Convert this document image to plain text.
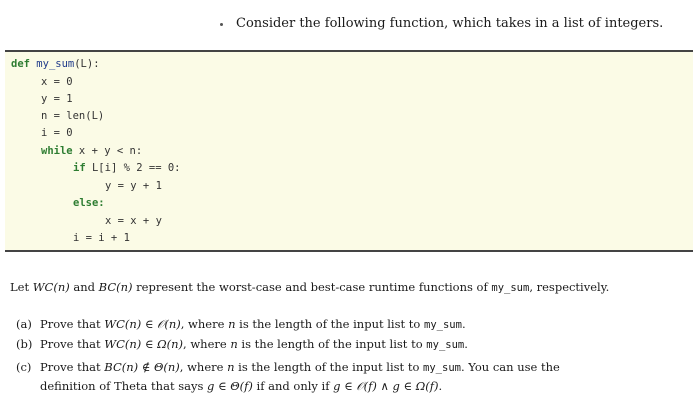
Consider the following function, which takes in a list of integers.
def my_sum(L):
x = 0
y = 1
n = len(L)
i = 0
while x + y < n:
if L[i] % 2 == 0:
y = y + 1
else:
x = x + y
i = i + 1
Let WC(n) and BC(n) represent the worst-case and best-case runtime functions of my_sum, respectively.
(a) Prove that WC(n) ∈ 𝒪(n), where n is the length of the input list to my_sum.
(b) Prove that WC(n) ∈ Ω(n), where n is the length of the input list to my_sum.
(c) Prove that BC(n) ∉ Θ(n), where n is the length of the input list to my_sum. You can use the
definition of Theta that says g ∈ Θ(f) if and only if g ∈ 𝒪(f) ∧ g ∈ Ω(f).
